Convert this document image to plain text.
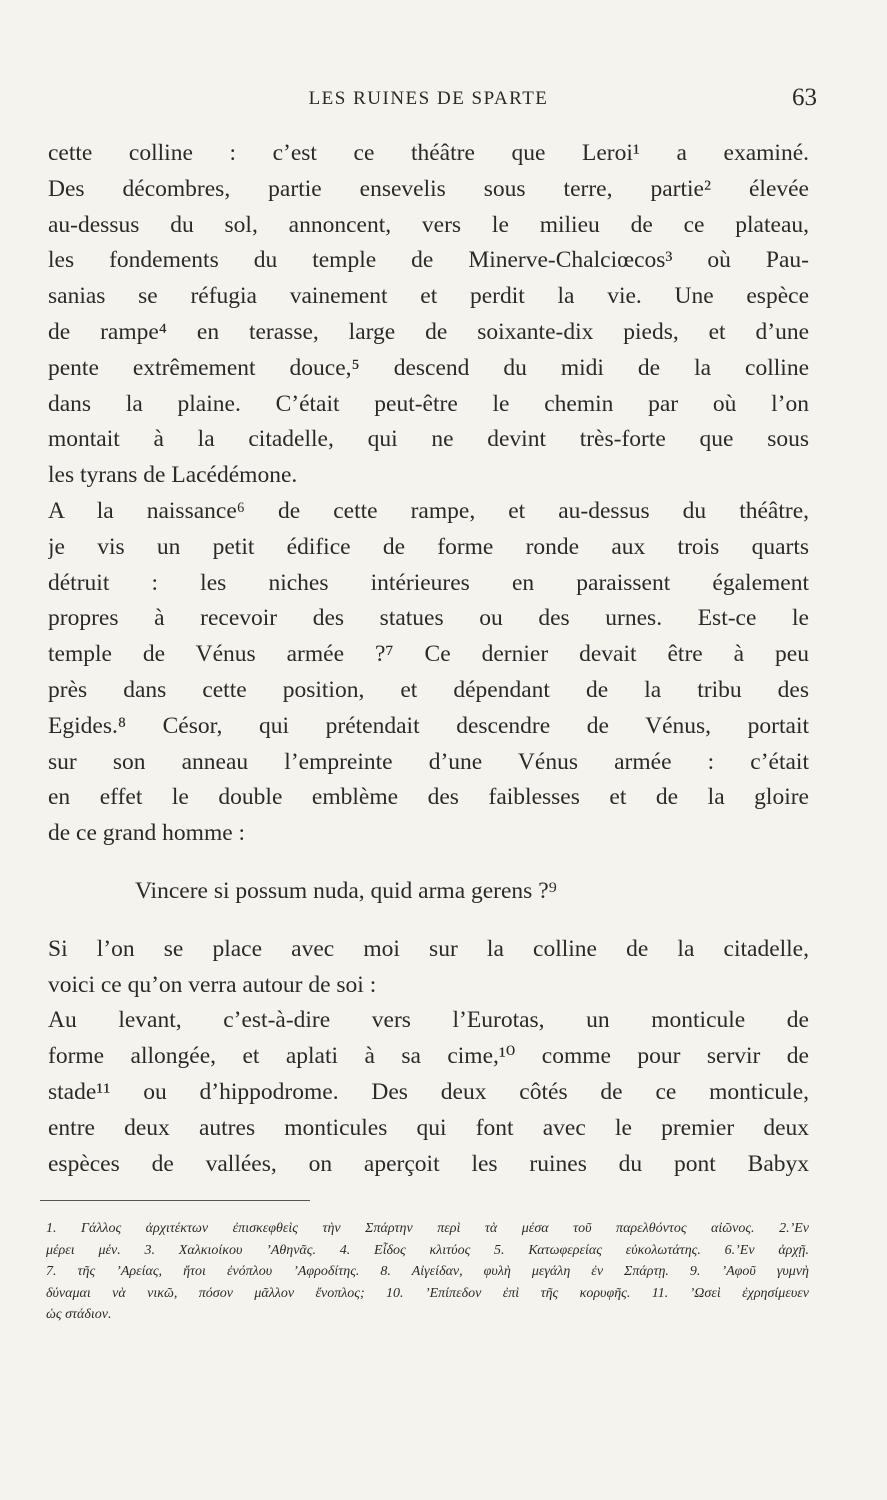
LES RUINES DE SPARTE	63
cette colline : c’est ce théâtre que Leroi¹ a examiné.
Des décombres, partie ensevelis sous terre, partie² élevée
au-dessus du sol, annoncent, vers le milieu de ce plateau,
les fondements du temple de Minerve-Chalciœcos³ où Pau-
sanias se réfugia vainement et perdit la vie. Une espèce
de rampe⁴ en terasse, large de soixante-dix pieds, et d’une
pente extrêmement douce,⁵ descend du midi de la colline
dans la plaine. C’était peut-être le chemin par où l’on
montait à la citadelle, qui ne devint très-forte que sous
les tyrans de Lacédémone.
A la naissance⁶ de cette rampe, et au-dessus du théâtre,
je vis un petit édifice de forme ronde aux trois quarts
détruit : les niches intérieures en paraissent également
propres à recevoir des statues ou des urnes. Est-ce le
temple de Vénus armée ?⁷ Ce dernier devait être à peu
près dans cette position, et dépendant de la tribu des
Egides.⁸ Césor, qui prétendait descendre de Vénus, portait
sur son anneau l’empreinte d’une Vénus armée : c’était
en effet le double emblème des faiblesses et de la gloire
de ce grand homme :
Vincere si possum nuda, quid arma gerens ?⁹
Si l’on se place avec moi sur la colline de la citadelle,
voici ce qu’on verra autour de soi :
Au levant, c’est-à-dire vers l’Eurotas, un monticule de
forme allongée, et aplati à sa cime,¹⁰ comme pour servir de
stade¹¹ ou d’hippodrome. Des deux côtés de ce monticule,
entre deux autres monticules qui font avec le premier deux
espèces de vallées, on aperçoit les ruines du pont Babyx
1. Γάλλος ἀρχιτέκτων ἐπισκεφθεὶς τὴν Σπάρτην περὶ τὰ μέσα τοῦ παρελθόντος αἰῶνος. 2.’Εν
μέρει μέν. 3. Χαλκιοίκου ’Αθηνᾶς. 4. Εἶδος κλιτύος 5. Κατωφερείας εὐκολωτάτης. 6.’Εν ἀρχῇ.
7. τῆς ’Αρείας, ἤτοι ἐνόπλου ’Αφροδίτης. 8. Αἰγείδαν, φυλὴ μεγάλη ἐν Σπάρτῃ. 9. ’Αφοῦ γυμνὴ
δύναμαι νὰ νικῶ, πόσον μᾶλλον ἔνοπλος; 10. ’Επίπεδον ἐπὶ τῆς κορυφῆς. 11. ’Ωσεὶ ἐχρησίμευεν
ὡς στάδιον.
